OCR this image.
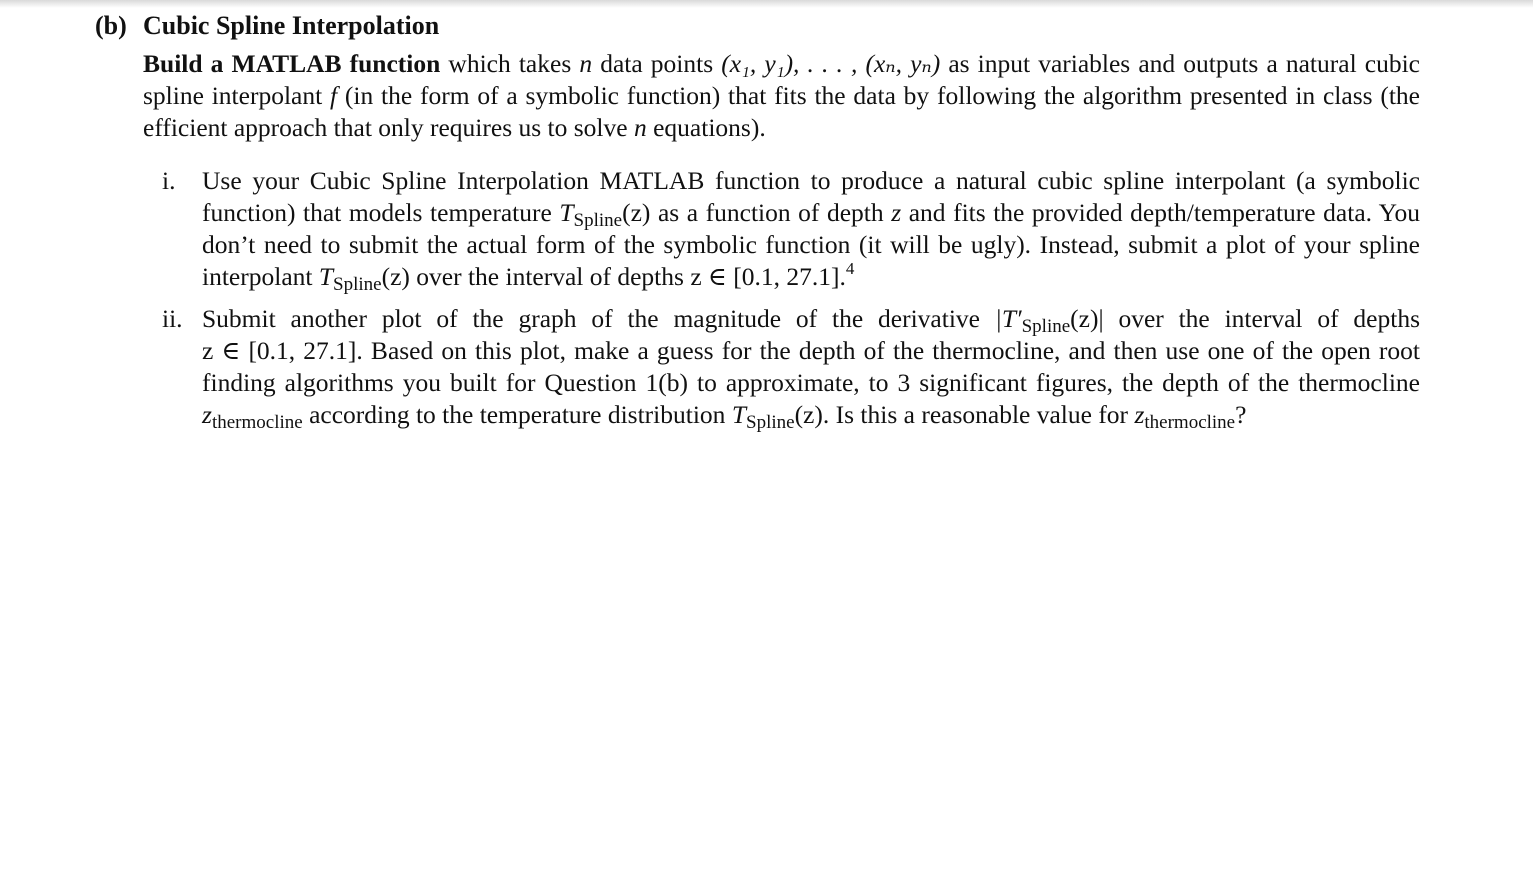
(b) Cubic Spline Interpolation

Build a MATLAB function which takes n data points (x₁, y₁), . . . , (xₙ, yₙ) as input variables and outputs a natural cubic spline interpolant f (in the form of a symbolic function) that fits the data by following the algorithm presented in class (the efficient approach that only requires us to solve n equations).

i.	Use your Cubic Spline Interpolation MATLAB function to produce a natural cubic spline interpolant (a symbolic function) that models temperature $T_{Spline}(z)$ as a function of depth z and fits the provided depth/temperature data. You don’t need to submit the actual form of the symbolic function (it will be ugly). Instead, submit a plot of your spline interpolant $T_{Spline}(z)$ over the interval of depths z ∈ [0.1, 27.1].$^4$
ii. Submit another plot of the graph of the magnitude of the derivative $|T'_{Spline}(z)|$ over the interval of depths z ∈ [0.1, 27.1]. Based on this plot, make a guess for the depth of the thermocline, and then use one of the open root finding algorithms you built for Question 1(b) to approximate, to 3 significant figures, the depth of the thermocline $z_{thermocline}$ according to the temperature distribution $T_{Spline}(z)$. Is this a reasonable value for $z_{thermocline}$?
